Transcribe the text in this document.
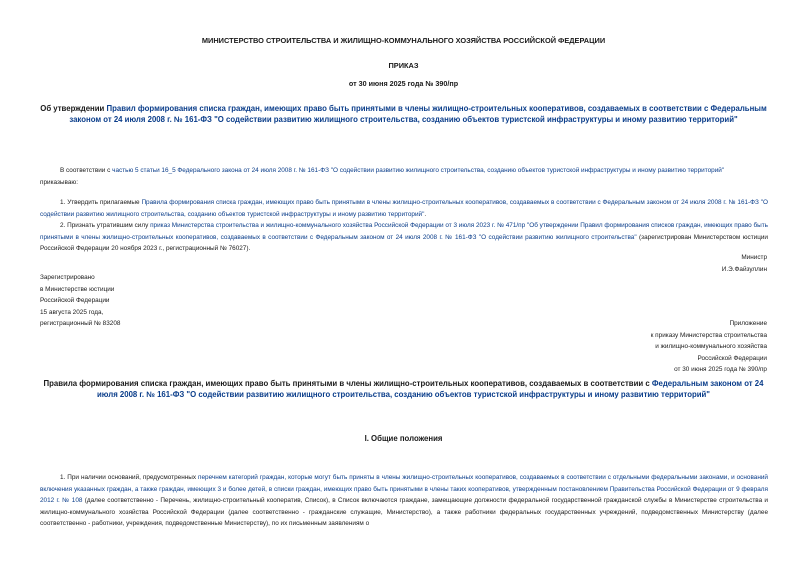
МИНИСТЕРСТВО СТРОИТЕЛЬСТВА И ЖИЛИЩНО-КОММУНАЛЬНОГО ХОЗЯЙСТВА РОССИЙСКОЙ ФЕДЕРАЦИИ
ПРИКАЗ
от 30 июня 2025 года № 390/пр
Об утверждении Правил формирования списка граждан, имеющих право быть принятыми в члены жилищно-строительных кооперативов, создаваемых в соответствии с Федеральным законом от 24 июля 2008 г. № 161-ФЗ "О содействии развитию жилищного строительства, созданию объектов туристской инфраструктуры и иному развитию территорий"
В соответствии с частью 5 статьи 16_5 Федерального закона от 24 июля 2008 г. № 161-ФЗ "О содействии развитию жилищного строительства, созданию объектов туристской инфраструктуры и иному развитию территорий"
приказываю:
1. Утвердить прилагаемые Правила формирования списка граждан, имеющих право быть принятыми в члены жилищно-строительных кооперативов, создаваемых в соответствии с Федеральным законом от 24 июля 2008 г. № 161-ФЗ "О содействии развитию жилищного строительства, созданию объектов туристской инфраструктуры и иному развитию территорий".
2. Признать утратившим силу приказ Министерства строительства и жилищно-коммунального хозяйства Российской Федерации от 3 июля 2023 г. № 471/пр "Об утверждении Правил формирования списков граждан, имеющих право быть принятыми в члены жилищно-строительных кооперативов, создаваемых в соответствии с Федеральным законом от 24 июля 2008 г. № 161-ФЗ "О содействии развитию жилищного строительства" (зарегистрирован Министерством юстиции Российской Федерации 20 ноября 2023 г., регистрационный № 76027).
Министр
И.Э.Файзуллин
Зарегистрировано
в Министерстве юстиции
Российской Федерации
15 августа 2025 года,
регистрационный № 83208	Приложение
к приказу Министерства строительства
и жилищно-коммунального хозяйства
Российской Федерации
от 30 июня 2025 года № 390/пр
Правила формирования списка граждан, имеющих право быть принятыми в члены жилищно-строительных кооперативов, создаваемых в соответствии с Федеральным законом от 24 июля 2008 г. № 161-ФЗ "О содействии развитию жилищного строительства, созданию объектов туристской инфраструктуры и иному развитию территорий"
I. Общие положения
1. При наличии оснований, предусмотренных перечнем категорий граждан, которые могут быть приняты в члены жилищно-строительных кооперативов, создаваемых в соответствии с отдельными федеральными законами, и оснований включения указанных граждан, а также граждан, имеющих 3 и более детей, в списки граждан, имеющих право быть принятыми в члены таких кооперативов, утвержденным постановлением Правительства Российской Федерации от 9 февраля 2012 г. № 108 (далее соответственно - Перечень, жилищно-строительный кооператив, Список), в Список включаются граждане, замещающие должности федеральной государственной гражданской службы в Министерстве строительства и жилищно-коммунального хозяйства Российской Федерации (далее соответственно - гражданские служащие, Министерство), а также работники федеральных государственных учреждений, подведомственных Министерству (далее соответственно - работники, учреждения, подведомственные Министерству), по их письменным заявлениям о
